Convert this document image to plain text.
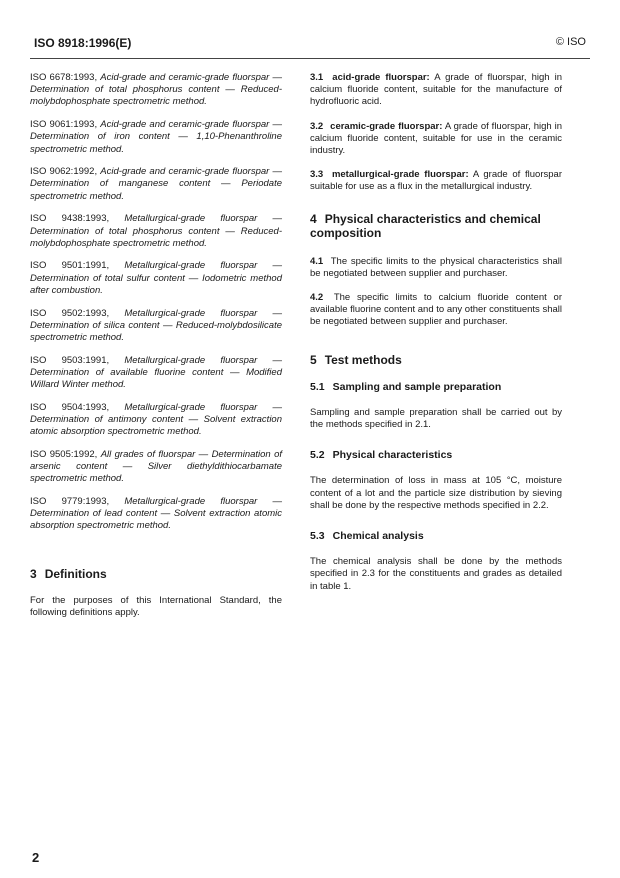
ISO 8918:1996(E)	© ISO

ISO 6678:1993, Acid-grade and ceramic-grade fluorspar — Determination of total phosphorus content — Reduced-molybdophosphate spectrometric method.

ISO 9061:1993, Acid-grade and ceramic-grade fluorspar — Determination of iron content — 1,10-Phenanthroline spectrometric method.

ISO 9062:1992, Acid-grade and ceramic-grade fluorspar — Determination of manganese content — Periodate spectrometric method.

ISO 9438:1993, Metallurgical-grade fluorspar — Determination of total phosphorus content — Reduced-molybdophosphate spectrometric method.

ISO 9501:1991, Metallurgical-grade fluorspar — Determination of total sulfur content — Iodometric method after combustion.

ISO 9502:1993, Metallurgical-grade fluorspar — Determination of silica content — Reduced-molybdosilicate spectrometric method.

ISO 9503:1991, Metallurgical-grade fluorspar — Determination of available fluorine content — Modified Willard Winter method.

ISO 9504:1993, Metallurgical-grade fluorspar — Determination of antimony content — Solvent extraction atomic absorption spectrometric method.

ISO 9505:1992, All grades of fluorspar — Determination of arsenic content — Silver diethyldithiocarbamate spectrometric method.

ISO 9779:1993, Metallurgical-grade fluorspar — Determination of lead content — Solvent extraction atomic absorption spectrometric method.

3 Definitions

For the purposes of this International Standard, the following definitions apply.

3.1 acid-grade fluorspar: A grade of fluorspar, high in calcium fluoride content, suitable for the manufacture of hydrofluoric acid.

3.2 ceramic-grade fluorspar: A grade of fluorspar, high in calcium fluoride content, suitable for use in the ceramic industry.

3.3 metallurgical-grade fluorspar: A grade of fluorspar suitable for use as a flux in the metallurgical industry.

4 Physical characteristics and chemical composition

4.1 The specific limits to the physical characteristics shall be negotiated between supplier and purchaser.

4.2 The specific limits to calcium fluoride content or available fluorine content and to any other constituents shall be negotiated between supplier and purchaser.

5 Test methods

5.1 Sampling and sample preparation

Sampling and sample preparation shall be carried out by the methods specified in 2.1.

5.2 Physical characteristics

The determination of loss in mass at 105 °C, moisture content of a lot and the particle size distribution by sieving shall be done by the respective methods specified in 2.2.

5.3 Chemical analysis

The chemical analysis shall be done by the methods specified in 2.3 for the constituents and grades as detailed in table 1.

2
